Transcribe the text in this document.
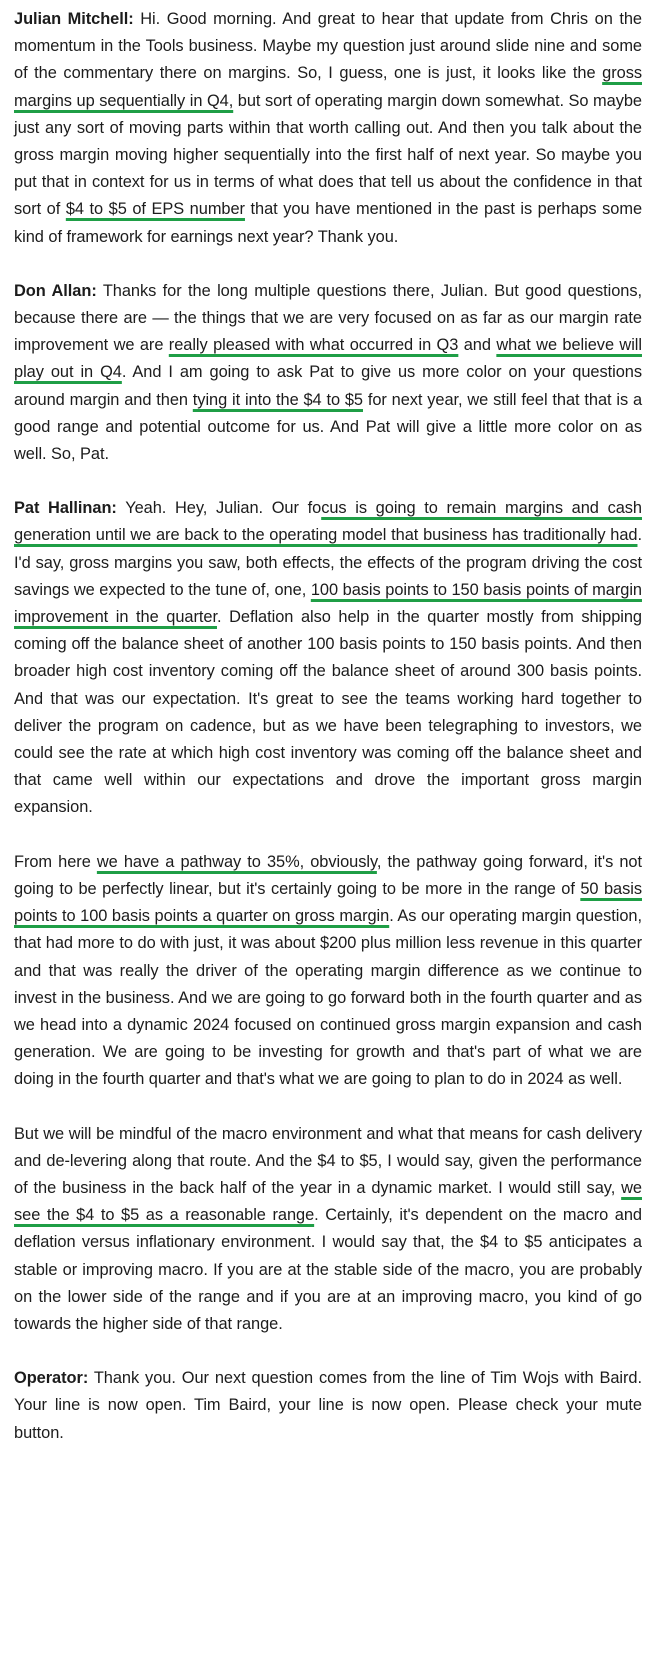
Julian Mitchell: Hi. Good morning. And great to hear that update from Chris on the momentum in the Tools business. Maybe my question just around slide nine and some of the commentary there on margins. So, I guess, one is just, it looks like the gross margins up sequentially in Q4, but sort of operating margin down somewhat. So maybe just any sort of moving parts within that worth calling out. And then you talk about the gross margin moving higher sequentially into the first half of next year. So maybe you put that in context for us in terms of what does that tell us about the confidence in that sort of $4 to $5 of EPS number that you have mentioned in the past is perhaps some kind of framework for earnings next year? Thank you.

Don Allan: Thanks for the long multiple questions there, Julian. But good questions, because there are — the things that we are very focused on as far as our margin rate improvement we are really pleased with what occurred in Q3 and what we believe will play out in Q4. And I am going to ask Pat to give us more color on your questions around margin and then tying it into the $4 to $5 for next year, we still feel that that is a good range and potential outcome for us. And Pat will give a little more color on as well. So, Pat.

Pat Hallinan: Yeah. Hey, Julian. Our focus is going to remain margins and cash generation until we are back to the operating model that business has traditionally had. I'd say, gross margins you saw, both effects, the effects of the program driving the cost savings we expected to the tune of, one, 100 basis points to 150 basis points of margin improvement in the quarter. Deflation also help in the quarter mostly from shipping coming off the balance sheet of another 100 basis points to 150 basis points. And then broader high cost inventory coming off the balance sheet of around 300 basis points. And that was our expectation. It's great to see the teams working hard together to deliver the program on cadence, but as we have been telegraphing to investors, we could see the rate at which high cost inventory was coming off the balance sheet and that came well within our expectations and drove the important gross margin expansion.

From here we have a pathway to 35%, obviously, the pathway going forward, it's not going to be perfectly linear, but it's certainly going to be more in the range of 50 basis points to 100 basis points a quarter on gross margin. As our operating margin question, that had more to do with just, it was about $200 plus million less revenue in this quarter and that was really the driver of the operating margin difference as we continue to invest in the business. And we are going to go forward both in the fourth quarter and as we head into a dynamic 2024 focused on continued gross margin expansion and cash generation. We are going to be investing for growth and that's part of what we are doing in the fourth quarter and that's what we are going to plan to do in 2024 as well.

But we will be mindful of the macro environment and what that means for cash delivery and de-levering along that route. And the $4 to $5, I would say, given the performance of the business in the back half of the year in a dynamic market. I would still say, we see the $4 to $5 as a reasonable range. Certainly, it's dependent on the macro and deflation versus inflationary environment. I would say that, the $4 to $5 anticipates a stable or improving macro. If you are at the stable side of the macro, you are probably on the lower side of the range and if you are at an improving macro, you kind of go towards the higher side of that range.

Operator: Thank you. Our next question comes from the line of Tim Wojs with Baird. Your line is now open. Tim Baird, your line is now open. Please check your mute button.
